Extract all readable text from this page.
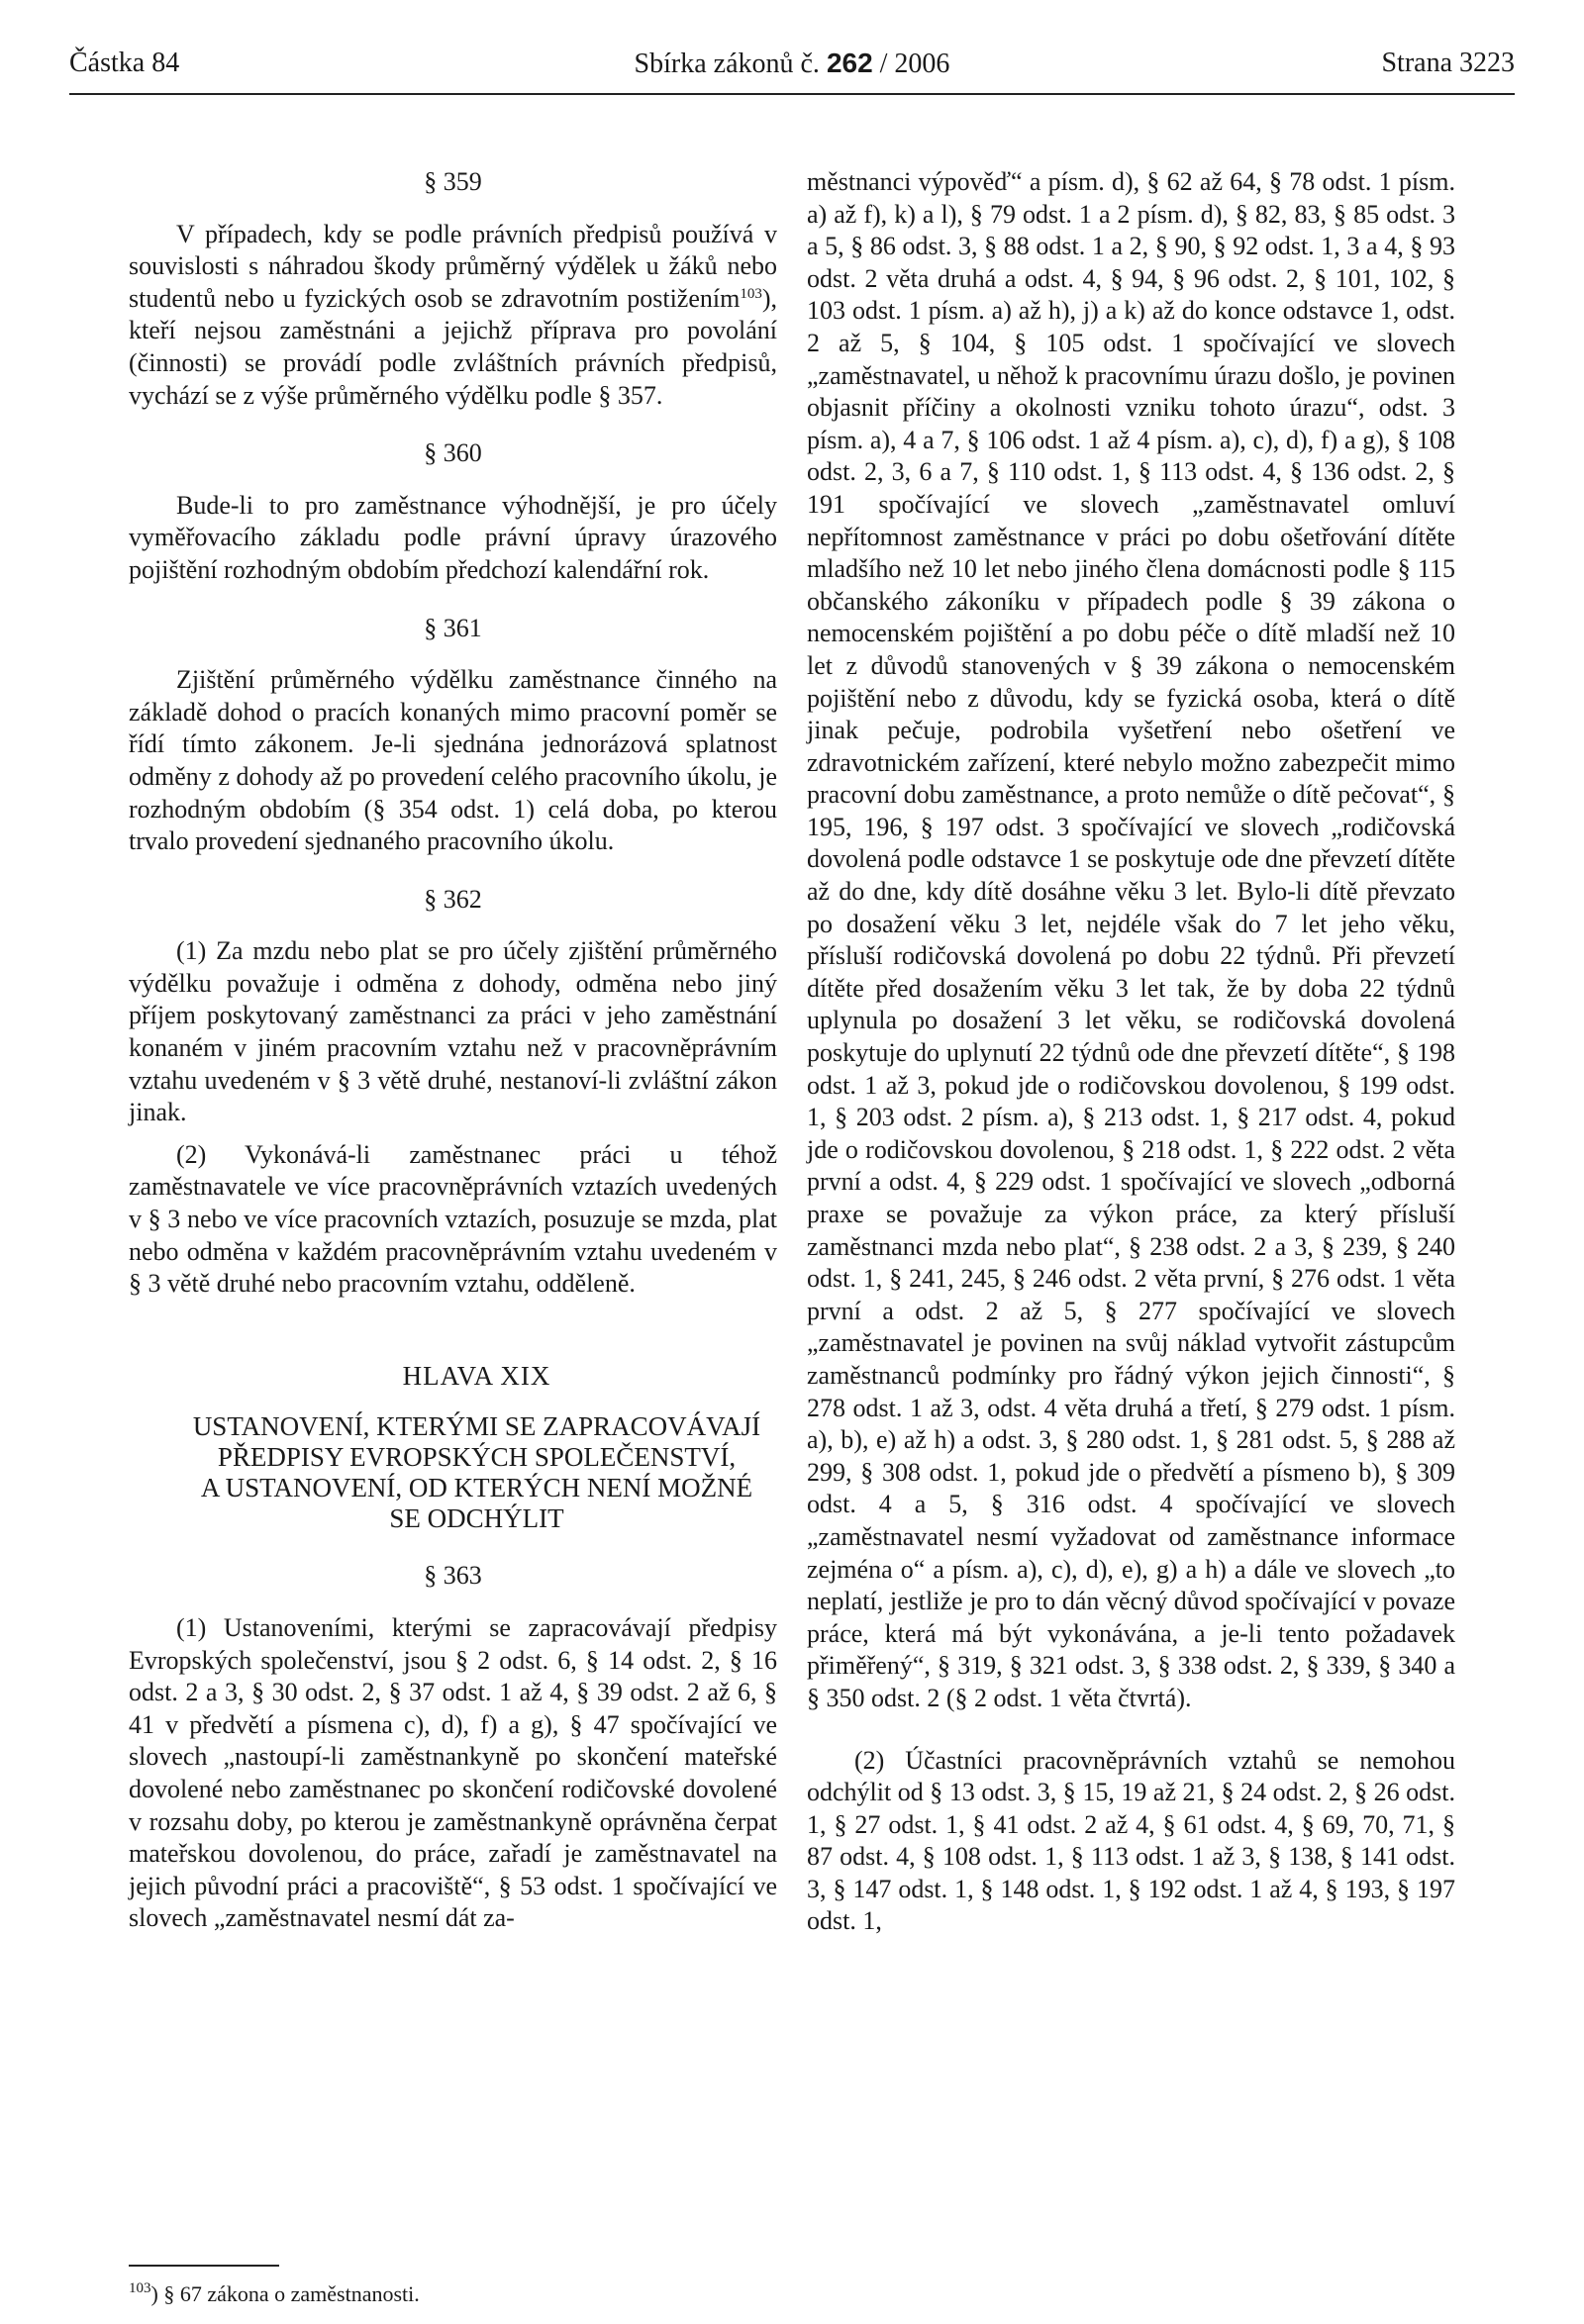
Částka 84	Sbírka zákonů č. 262 / 2006	Strana 3223

§ 359

V případech, kdy se podle právních předpisů používá v souvislosti s náhradou škody průměrný výdělek u žáků nebo studentů nebo u fyzických osob se zdravotním postižením$^{103}$), kteří nejsou zaměstnáni a jejichž příprava pro povolání (činnosti) se provádí podle zvláštních právních předpisů, vychází se z výše průměrného výdělku podle § 357.

§ 360

Bude-li to pro zaměstnance výhodnější, je pro účely vyměřovacího základu podle právní úpravy úrazového pojištění rozhodným obdobím předchozí kalendářní rok.

§ 361

Zjištění průměrného výdělku zaměstnance činného na základě dohod o pracích konaných mimo pracovní poměr se řídí tímto zákonem. Je-li sjednána jednorázová splatnost odměny z dohody až po provedení celého pracovního úkolu, je rozhodným obdobím (§ 354 odst. 1) celá doba, po kterou trvalo provedení sjednaného pracovního úkolu.

§ 362

(1) Za mzdu nebo plat se pro účely zjištění průměrného výdělku považuje i odměna z dohody, odměna nebo jiný příjem poskytovaný zaměstnanci za práci v jeho zaměstnání konaném v jiném pracovním vztahu než v pracovněprávním vztahu uvedeném v § 3 větě druhé, nestanoví-li zvláštní zákon jinak.

(2) Vykonává-li zaměstnanec práci u téhož zaměstnavatele ve více pracovněprávních vztazích uvedených v § 3 nebo ve více pracovních vztazích, posuzuje se mzda, plat nebo odměna v každém pracovněprávním vztahu uvedeném v § 3 větě druhé nebo pracovním vztahu, odděleně.

HLAVA XIX

USTANOVENÍ, KTERÝMI SE ZAPRACOVÁVAJÍ

PŘEDPISY EVROPSKÝCH SPOLEČENSTVÍ,

A USTANOVENÍ, OD KTERÝCH NENÍ MOŽNÉ

SE ODCHÝLIT

§ 363

(1) Ustanoveními, kterými se zapracovávají předpisy Evropských společenství, jsou § 2 odst. 6, § 14 odst. 2, § 16 odst. 2 a 3, § 30 odst. 2, § 37 odst. 1 až 4, § 39 odst. 2 až 6, § 41 v předvětí a písmena c), d), f) a g), § 47 spočívající ve slovech „nastoupí-li zaměstnankyně po skončení mateřské dovolené nebo zaměstnanec po skončení rodičovské dovolené v rozsahu doby, po kterou je zaměstnankyně oprávněna čerpat mateřskou dovolenou, do práce, zařadí je zaměstnavatel na jejich původní práci a pracoviště“, § 53 odst. 1 spočívající ve slovech „zaměstnavatel nesmí dát za-

městnanci výpověď“ a písm. d), § 62 až 64, § 78 odst. 1 písm. a) až f), k) a l), § 79 odst. 1 a 2 písm. d), § 82, 83, § 85 odst. 3 a 5, § 86 odst. 3, § 88 odst. 1 a 2, § 90, § 92 odst. 1, 3 a 4, § 93 odst. 2 věta druhá a odst. 4, § 94, § 96 odst. 2, § 101, 102, § 103 odst. 1 písm. a) až h), j) a k) až do konce odstavce 1, odst. 2 až 5, § 104, § 105 odst. 1 spočívající ve slovech „zaměstnavatel, u něhož k pracovnímu úrazu došlo, je povinen objasnit příčiny a okolnosti vzniku tohoto úrazu“, odst. 3 písm. a), 4 a 7, § 106 odst. 1 až 4 písm. a), c), d), f) a g), § 108 odst. 2, 3, 6 a 7, § 110 odst. 1, § 113 odst. 4, § 136 odst. 2, § 191 spočívající ve slovech „zaměstnavatel omluví nepřítomnost zaměstnance v práci po dobu ošetřování dítěte mladšího než 10 let nebo jiného člena domácnosti podle § 115 občanského zákoníku v případech podle § 39 zákona o nemocenském pojištění a po dobu péče o dítě mladší než 10 let z důvodů stanovených v § 39 zákona o nemocenském pojištění nebo z důvodu, kdy se fyzická osoba, která o dítě jinak pečuje, podrobila vyšetření nebo ošetření ve zdravotnickém zařízení, které nebylo možno zabezpečit mimo pracovní dobu zaměstnance, a proto nemůže o dítě pečovat“, § 195, 196, § 197 odst. 3 spočívající ve slovech „rodičovská dovolená podle odstavce 1 se poskytuje ode dne převzetí dítěte až do dne, kdy dítě dosáhne věku 3 let. Bylo-li dítě převzato po dosažení věku 3 let, nejdéle však do 7 let jeho věku, přísluší rodičovská dovolená po dobu 22 týdnů. Při převzetí dítěte před dosažením věku 3 let tak, že by doba 22 týdnů uplynula po dosažení 3 let věku, se rodičovská dovolená poskytuje do uplynutí 22 týdnů ode dne převzetí dítěte“, § 198 odst. 1 až 3, pokud jde o rodičovskou dovolenou, § 199 odst. 1, § 203 odst. 2 písm. a), § 213 odst. 1, § 217 odst. 4, pokud jde o rodičovskou dovolenou, § 218 odst. 1, § 222 odst. 2 věta první a odst. 4, § 229 odst. 1 spočívající ve slovech „odborná praxe se považuje za výkon práce, za který přísluší zaměstnanci mzda nebo plat“, § 238 odst. 2 a 3, § 239, § 240 odst. 1, § 241, 245, § 246 odst. 2 věta první, § 276 odst. 1 věta první a odst. 2 až 5, § 277 spočívající ve slovech „zaměstnavatel je povinen na svůj náklad vytvořit zástupcům zaměstnanců podmínky pro řádný výkon jejich činnosti“, § 278 odst. 1 až 3, odst. 4 věta druhá a třetí, § 279 odst. 1 písm. a), b), e) až h) a odst. 3, § 280 odst. 1, § 281 odst. 5, § 288 až 299, § 308 odst. 1, pokud jde o předvětí a písmeno b), § 309 odst. 4 a 5, § 316 odst. 4 spočívající ve slovech „zaměstnavatel nesmí vyžadovat od zaměstnance informace zejména o“ a písm. a), c), d), e), g) a h) a dále ve slovech „to neplatí, jestliže je pro to dán věcný důvod spočívající v povaze práce, která má být vykonávána, a je-li tento požadavek přiměřený“, § 319, § 321 odst. 3, § 338 odst. 2, § 339, § 340 a § 350 odst. 2 (§ 2 odst. 1 věta čtvrtá).

(2) Účastníci pracovněprávních vztahů se nemohou odchýlit od § 13 odst. 3, § 15, 19 až 21, § 24 odst. 2, § 26 odst. 1, § 27 odst. 1, § 41 odst. 2 až 4, § 61 odst. 4, § 69, 70, 71, § 87 odst. 4, § 108 odst. 1, § 113 odst. 1 až 3, § 138, § 141 odst. 3, § 147 odst. 1, § 148 odst. 1, § 192 odst. 1 až 4, § 193, § 197 odst. 1,

$^{103}$) § 67 zákona o zaměstnanosti.
